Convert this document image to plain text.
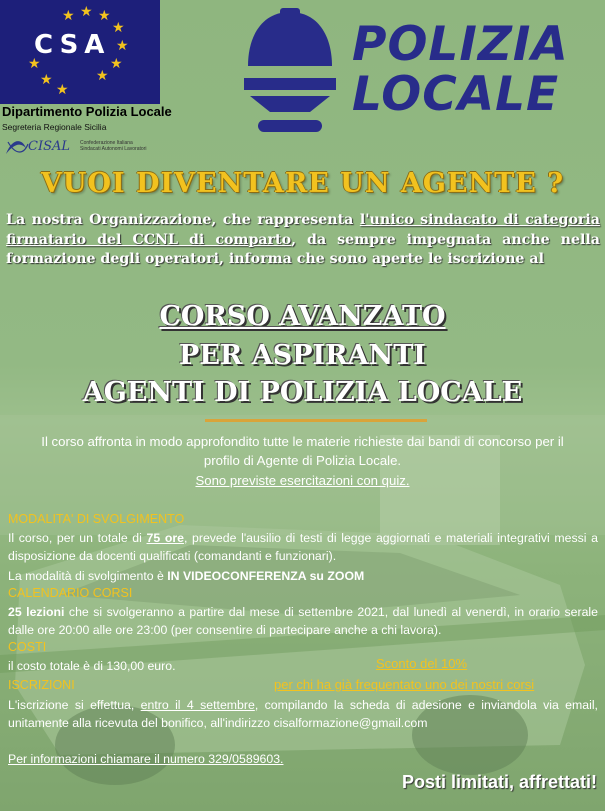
★ ★ ★
★
★
★
★
★
★
★
CSA
Dipartimento Polizia Locale
Segreteria Regionale Sicilia
CISAL Confederazione Italiana Sindacati Autonomi Lavoratori
POLIZIA
LOCALE
VUOI DIVENTARE UN AGENTE ?
La nostra Organizzazione, che rappresenta l'unico sindacato di categoria firmatario del CCNL di comparto, da sempre impegnata anche nella formazione degli operatori, informa che sono aperte le iscrizione al
CORSO AVANZATO
PER ASPIRANTI
AGENTI DI POLIZIA LOCALE
Il corso affronta in modo approfondito tutte le materie richieste dai bandi di concorso per il profilo di Agente di Polizia Locale.
Sono previste esercitazioni con quiz.
MODALITA' DI SVOLGIMENTO
Il corso, per un totale di 75 ore, prevede l'ausilio di testi di legge aggiornati e materiali integrativi messi a disposizione da docenti qualificati (comandanti e funzionari).
La modalità di svolgimento è IN VIDEOCONFERENZA su ZOOM
CALENDARIO CORSI
25 lezioni che si svolgeranno a partire dal mese di settembre 2021, dal lunedì al venerdì, in orario serale dalle ore 20:00 alle ore 23:00 (per consentire di partecipare anche a chi lavora).
COSTI
il costo totale è di 130,00 euro.	Sconto del 10%
ISCRIZIONI	per chi ha già frequentato uno dei nostri corsi
L'iscrizione si effettua, entro il 4 settembre, compilando la scheda di adesione e inviandola via email, unitamente alla ricevuta del bonifico, all'indirizzo cisalformazione@gmail.com
Per informazioni chiamare il numero 329/0589603.
Posti limitati, affrettati!
